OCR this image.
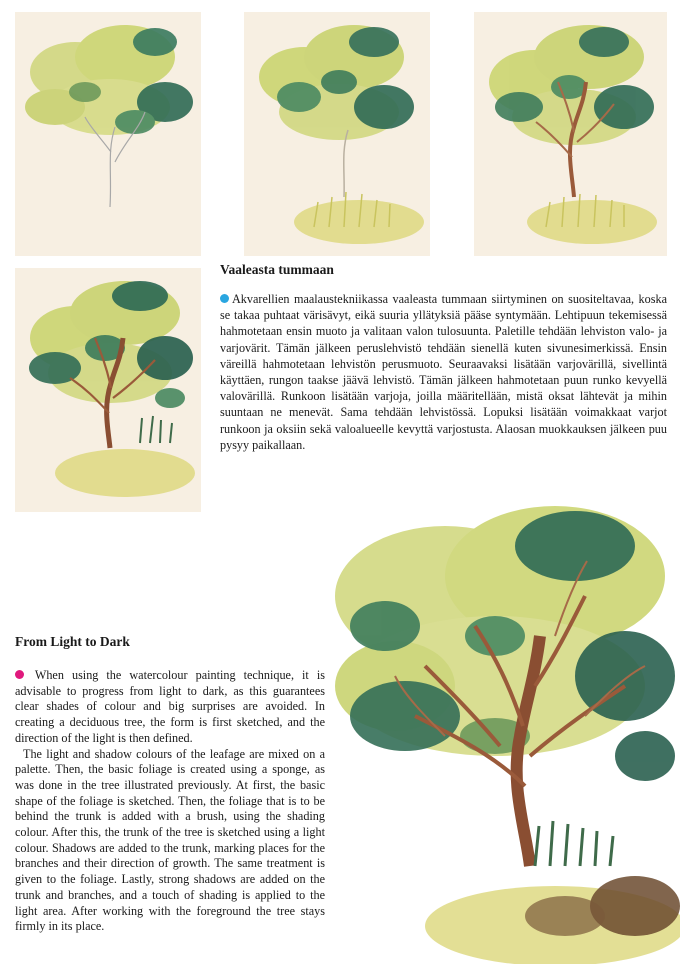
Vaaleasta tummaan
Akvarellien maalaustekniikassa vaaleasta tummaan siirtyminen on suositeltavaa, koska se takaa puhtaat värisävyt, eikä suuria yllätyksiä pääse syntymään. Lehtipuun tekemisessä hahmotetaan ensin muoto ja valitaan valon tulosuunta. Paletille tehdään lehviston valo- ja varjovärit. Tämän jälkeen peruslehvistö tehdään sienellä kuten sivunesimerkissä. Ensin väreillä hahmotetaan lehvistön perusmuoto. Seuraavaksi lisätään varjovärillä, sivellintä käyttäen, rungon taakse jäävä lehvistö. Tämän jälkeen hahmotetaan puun runko kevyellä valovärillä. Runkoon lisätään varjoja, joilla määritellään, mistä oksat lähtevät ja mihin suuntaan ne menevät. Sama tehdään lehvistössä. Lopuksi lisätään voimakkaat varjot runkoon ja oksiin sekä valoalueelle kevyttä varjostusta. Alaosan muokkauksen jälkeen puu pysyy paikallaan.
From Light to Dark

When using the watercolour painting technique, it is advisable to progress from light to dark, as this guarantees clear shades of colour and big surprises are avoided. In creating a deciduous tree, the form is first sketched, and the direction of the light is then defined.

The light and shadow colours of the leafage are mixed on a palette. Then, the basic foliage is created using a sponge, as was done in the tree illustrated previously. At first, the basic shape of the foliage is sketched. Then, the foliage that is to be behind the trunk is added with a brush, using the shading colour. After this, the trunk of the tree is sketched using a light colour. Shadows are added to the trunk, marking places for the branches and their direction of growth. The same treatment is given to the foliage. Lastly, strong shadows are added on the trunk and branches, and a touch of shading is applied to the light area. After working with the foreground the tree stays firmly in its place.
